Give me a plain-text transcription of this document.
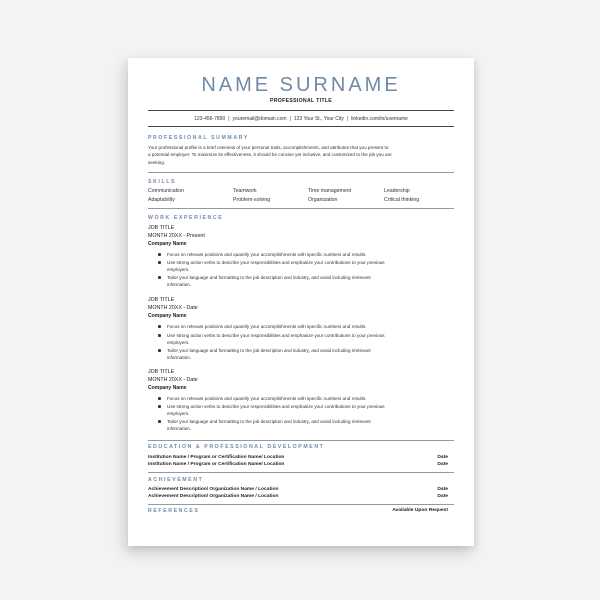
NAME SURNAME
PROFESSIONAL TITLE
123-456-7890 | youremail@domain.com | 123 Your St., Your City | linkedin.com/in/username
PROFESSIONAL SUMMARY
Your professional profile is a brief overview of your personal traits, accomplishments, and attributes that you present to
a potential employer. To maximize its effectiveness, it should be concise yet inclusive, and customized to the job you are
seeking.
SKILLS
Communication	Teamwork	Time management	Leadership
Adaptability	Problem-solving	Organization	Critical thinking
WORK EXPERIENCE
JOB TITLE
MONTH 20XX - Present
Company Name
Focus on relevant positions and quantify your accomplishments with specific numbers and results.
Use strong action verbs to describe your responsibilities and emphasize your contributions to your previous
employers.
Tailor your language and formatting to the job description and industry, and avoid including irrelevant
information.
JOB TITLE
MONTH 20XX - Date
Company Name
Focus on relevant positions and quantify your accomplishments with specific numbers and results.
Use strong action verbs to describe your responsibilities and emphasize your contributions to your previous
employers.
Tailor your language and formatting to the job description and industry, and avoid including irrelevant
information.
JOB TITLE
MONTH 20XX - Date
Company Name
Focus on relevant positions and quantify your accomplishments with specific numbers and results.
Use strong action verbs to describe your responsibilities and emphasize your contributions to your previous
employers.
Tailor your language and formatting to the job description and industry, and avoid including irrelevant
information.
EDUCATION & PROFESSIONAL DEVELOPMENT
Institution Name / Program or Certification Name/ Location	Date
Institution Name / Program or Certification Name/ Location	Date
ACHIEVEMENT
Achievement Description/ Organization Name / Location	Date
Achievement Description/ Organization Name / Location	Date
REFERENCES	Available Upon Request
